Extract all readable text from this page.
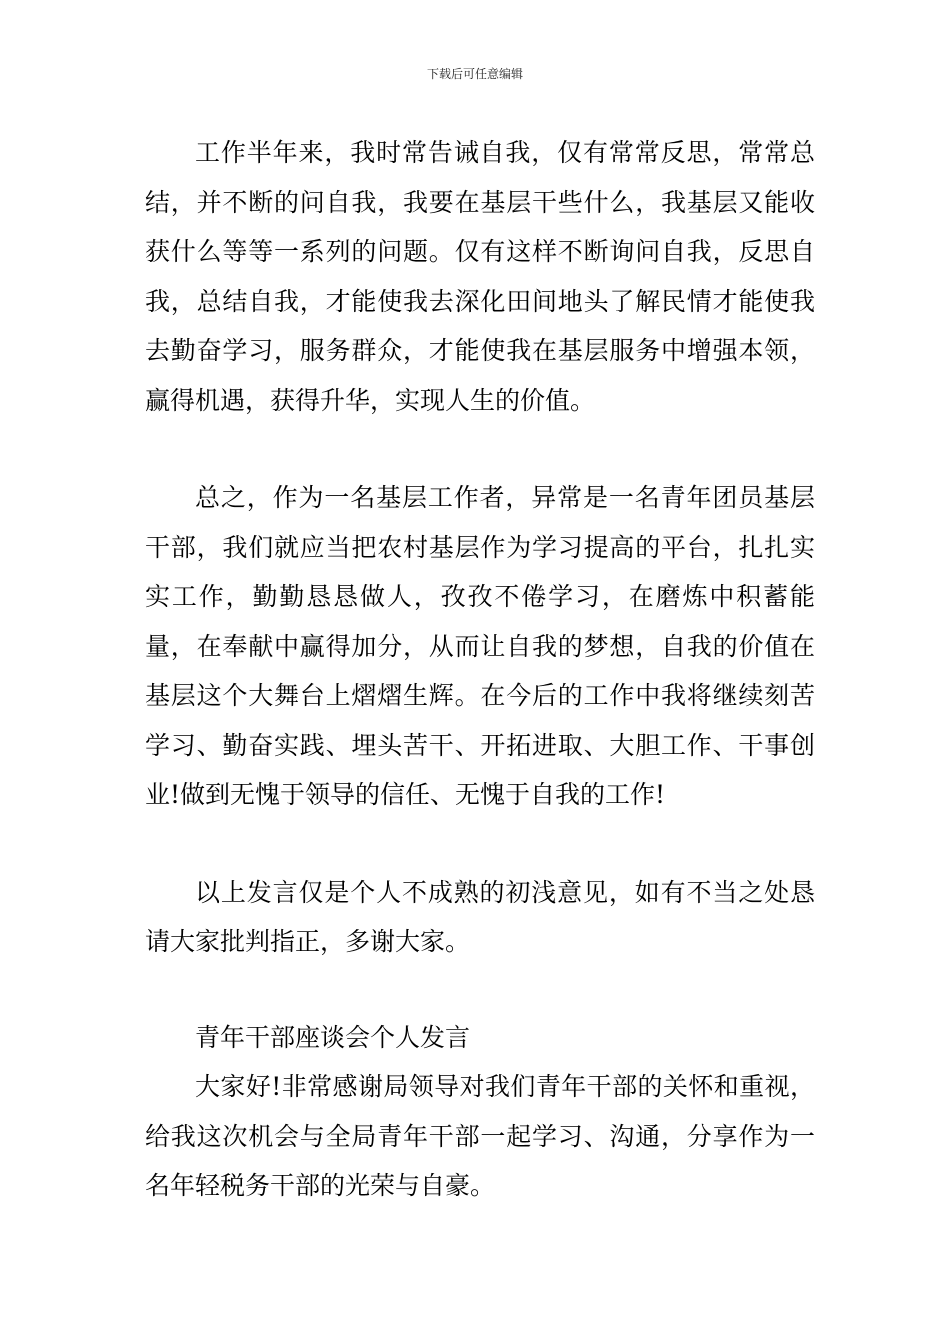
下载后可任意编辑

工作半年来，我时常告诫自我，仅有常常反思，常常总结，并不断的问自我，我要在基层干些什么，我基层又能收获什么等等一系列的问题。仅有这样不断询问自我，反思自我，总结自我，才能使我去深化田间地头了解民情才能使我去勤奋学习，服务群众，才能使我在基层服务中增强本领，赢得机遇，获得升华，实现人生的价值。

总之，作为一名基层工作者，异常是一名青年团员基层干部，我们就应当把农村基层作为学习提高的平台，扎扎实实工作，勤勤恳恳做人，孜孜不倦学习，在磨炼中积蓄能量，在奉献中赢得加分，从而让自我的梦想，自我的价值在基层这个大舞台上熠熠生辉。在今后的工作中我将继续刻苦学习、勤奋实践、埋头苦干、开拓进取、大胆工作、干事创业!做到无愧于领导的信任、无愧于自我的工作!

以上发言仅是个人不成熟的初浅意见，如有不当之处恳请大家批判指正，多谢大家。

青年干部座谈会个人发言

大家好!非常感谢局领导对我们青年干部的关怀和重视，给我这次机会与全局青年干部一起学习、沟通，分享作为一名年轻税务干部的光荣与自豪。
